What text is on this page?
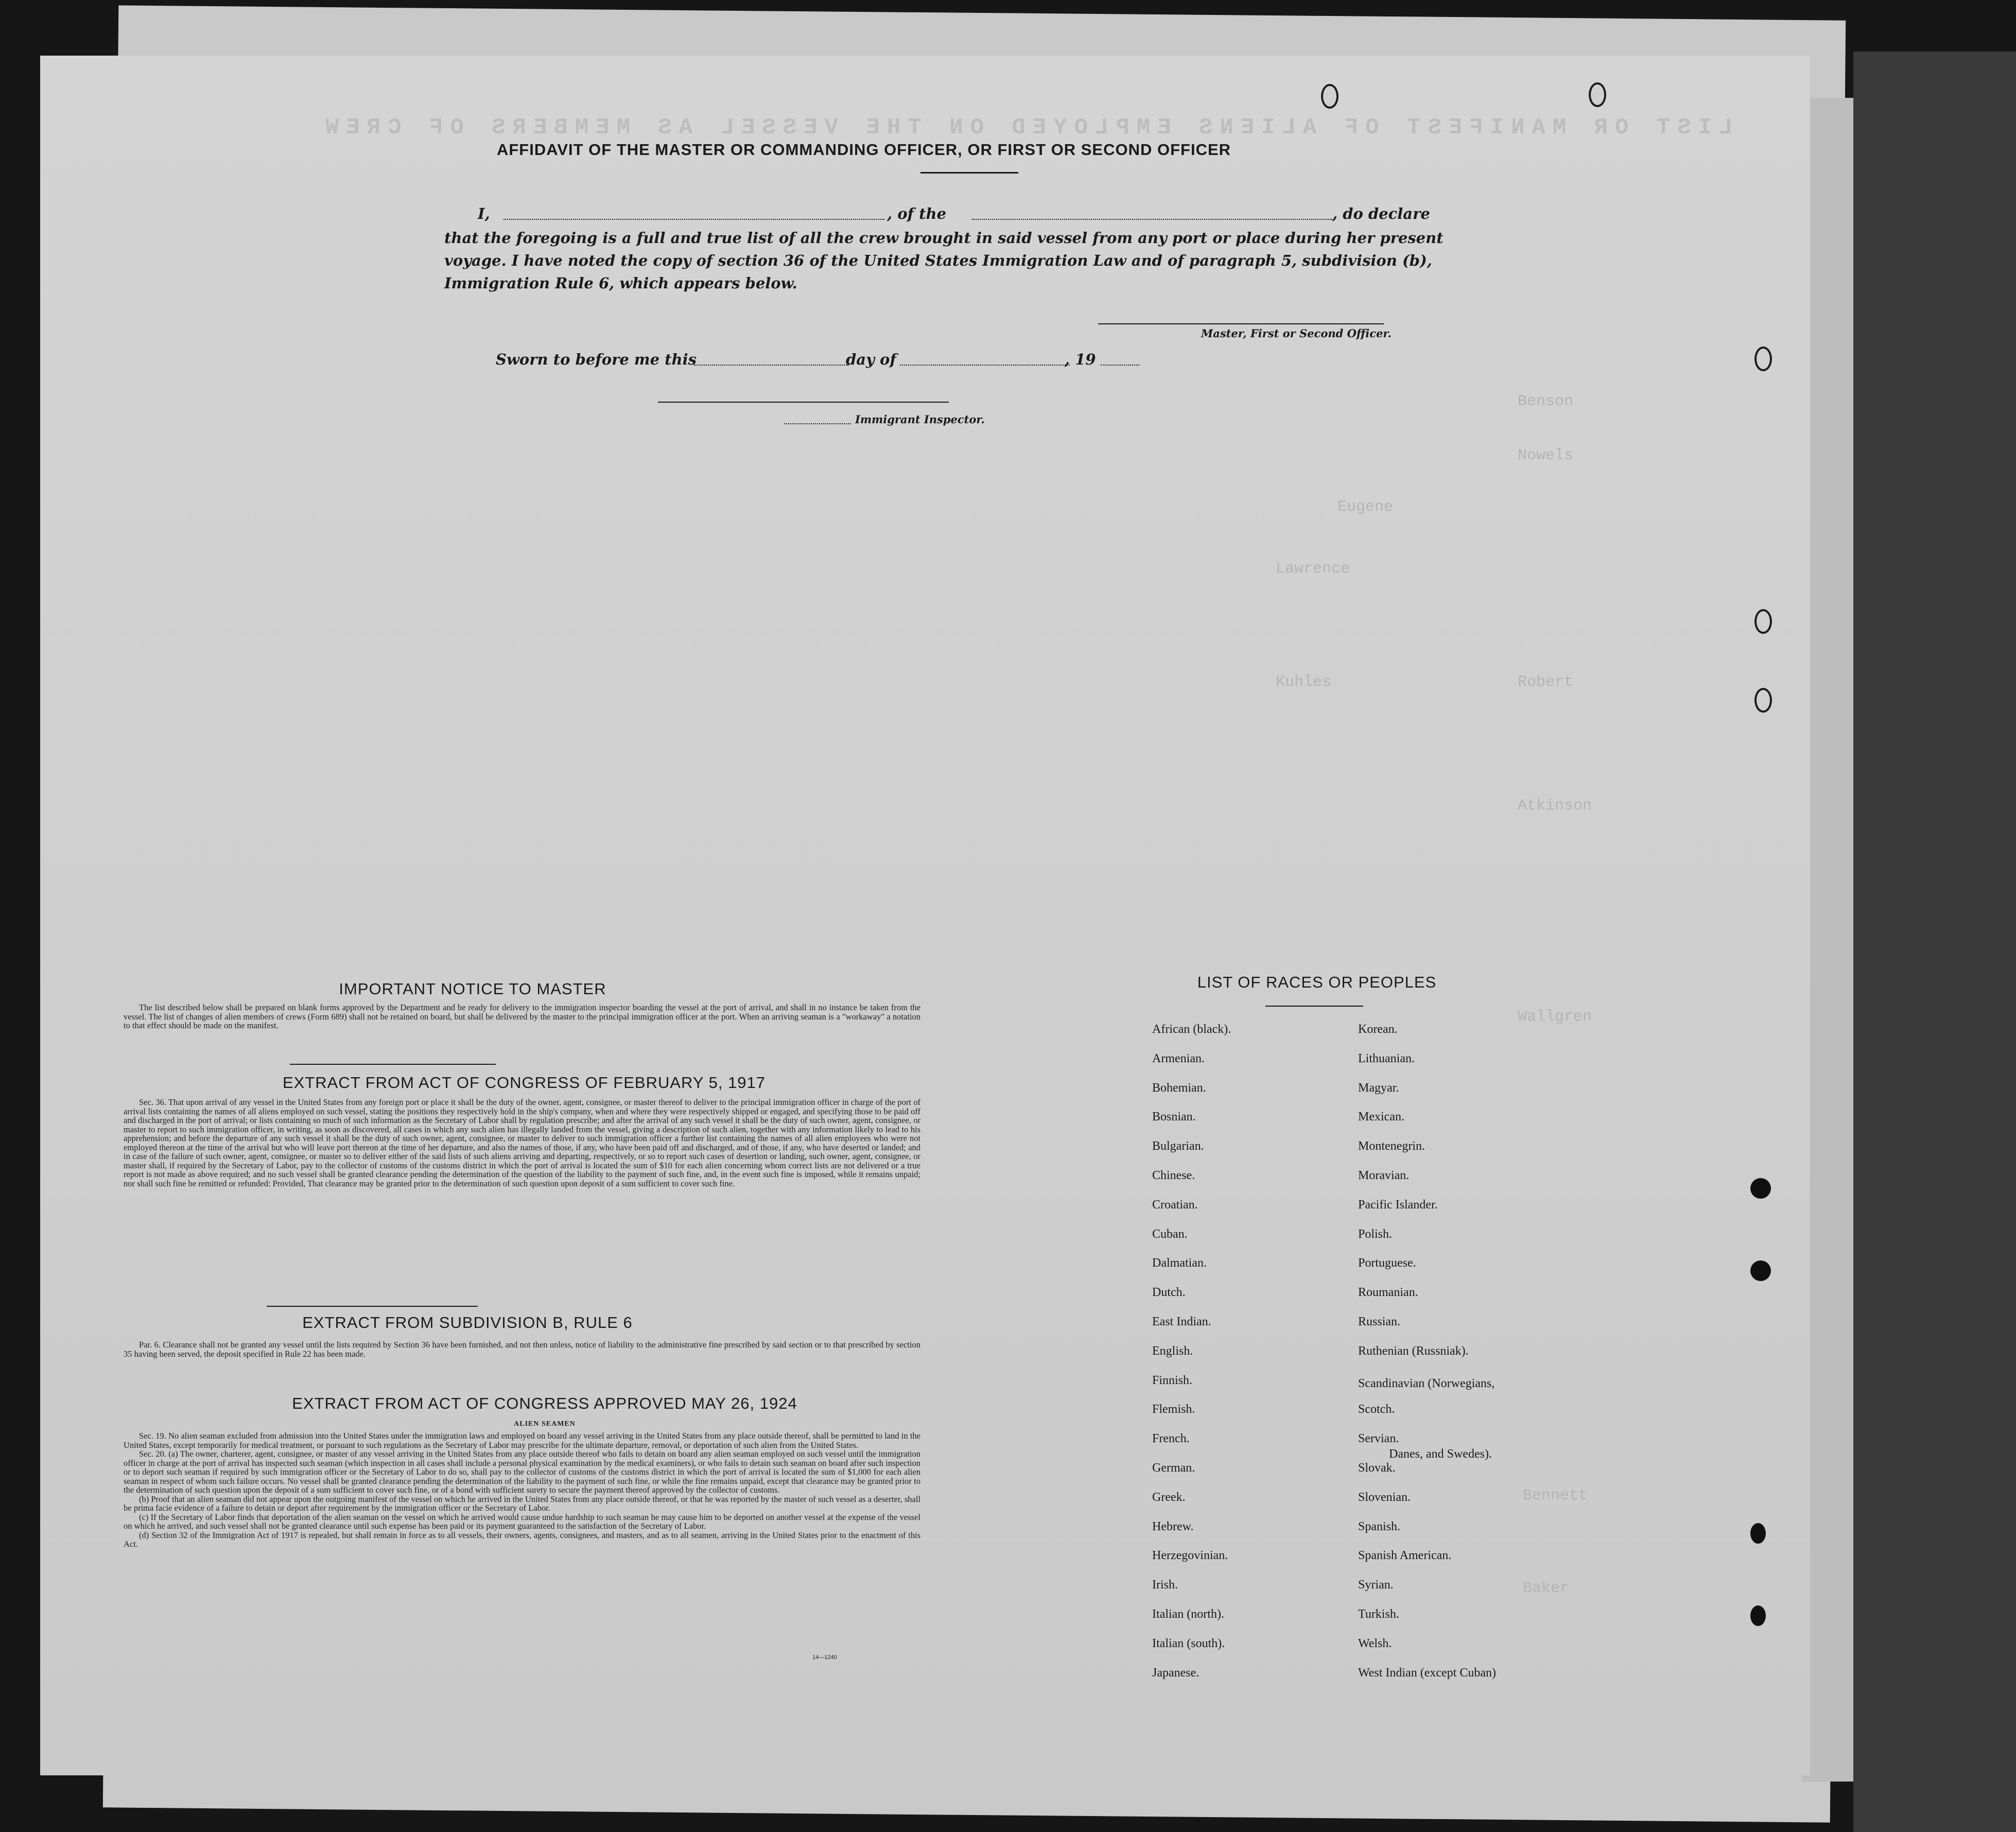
LIST OR MANIFEST OF ALIENS EMPLOYED ON THE VESSEL AS MEMBERS OF CREW
Benson
Nowels
Eugene
Lawrence
Kuhles	Robert
Atkinson
Wallgren
Bennett
Baker
AFFIDAVIT OF THE MASTER OR COMMANDING OFFICER, OR FIRST OR SECOND OFFICER
I,	, of the	, do declare
that the foregoing is a full and true list of all the crew brought in said vessel from any port or place during her present
voyage. I have noted the copy of section 36 of the United States Immigration Law and of paragraph 5, subdivision (b),
Immigration Rule 6, which appears below.
Master, First or Second Officer.
Sworn to before me this	day of	, 19
Immigrant Inspector.
IMPORTANT NOTICE TO MASTER

The list described below shall be prepared on blank forms approved by the Department and be ready for delivery to the immigration inspector boarding the vessel at the port of arrival, and shall in no instance be taken from the vessel. The list of changes of alien members of crews (Form 689) shall not be retained on board, but shall be delivered by the master to the principal immigration officer at the port. When an arriving seaman is a "workaway" a notation to that effect should be made on the manifest.

EXTRACT FROM ACT OF CONGRESS OF FEBRUARY 5, 1917

Sec. 36. That upon arrival of any vessel in the United States from any foreign port or place it shall be the duty of the owner, agent, consignee, or master thereof to deliver to the principal immigration officer in charge of the port of arrival lists containing the names of all aliens employed on such vessel, stating the positions they respectively hold in the ship's company, when and where they were respectively shipped or engaged, and specifying those to be paid off and discharged in the port of arrival; or lists containing so much of such information as the Secretary of Labor shall by regulation prescribe; and after the arrival of any such vessel it shall be the duty of such owner, agent, consignee, or master to report to such immigration officer, in writing, as soon as discovered, all cases in which any such alien has illegally landed from the vessel, giving a description of such alien, together with any information likely to lead to his apprehension; and before the departure of any such vessel it shall be the duty of such owner, agent, consignee, or master to deliver to such immigration officer a further list containing the names of all alien employees who were not employed thereon at the time of the arrival but who will leave port thereon at the time of her departure, and also the names of those, if any, who have been paid off and discharged, and of those, if any, who have deserted or landed; and in case of the failure of such owner, agent, consignee, or master so to deliver either of the said lists of such aliens arriving and departing, respectively, or so to report such cases of desertion or landing, such owner, agent, consignee, or master shall, if required by the Secretary of Labor, pay to the collector of customs of the customs district in which the port of arrival is located the sum of $10 for each alien concerning whom correct lists are not delivered or a true report is not made as above required; and no such vessel shall be granted clearance pending the determination of the question of the liability to the payment of such fine, and, in the event such fine is imposed, while it remains unpaid; nor shall such fine be remitted or refunded: Provided, That clearance may be granted prior to the determination of such question upon deposit of a sum sufficient to cover such fine.

EXTRACT FROM SUBDIVISION B, RULE 6

Par. 6. Clearance shall not be granted any vessel until the lists required by Section 36 have been furnished, and not then unless, notice of liability to the administrative fine prescribed by said section or to that prescribed by section 35 having been served, the deposit specified in Rule 22 has been made.

EXTRACT FROM ACT OF CONGRESS APPROVED MAY 26, 1924
ALIEN SEAMEN

Sec. 19. No alien seaman excluded from admission into the United States under the immigration laws and employed on board any vessel arriving in the United States from any place outside thereof, shall be permitted to land in the United States, except temporarily for medical treatment, or pursuant to such regulations as the Secretary of Labor may prescribe for the ultimate departure, removal, or deportation of such alien from the United States.

Sec. 20. (a) The owner, charterer, agent, consignee, or master of any vessel arriving in the United States from any place outside thereof who fails to detain on board any alien seaman employed on such vessel until the immigration officer in charge at the port of arrival has inspected such seaman (which inspection in all cases shall include a personal physical examination by the medical examiners), or who fails to detain such seaman on board after such inspection or to deport such seaman if required by such immigration officer or the Secretary of Labor to do so, shall pay to the collector of customs of the customs district in which the port of arrival is located the sum of $1,000 for each alien seaman in respect of whom such failure occurs. No vessel shall be granted clearance pending the determination of the liability to the payment of such fine, or while the fine remains unpaid, except that clearance may be granted prior to the determination of such question upon the deposit of a sum sufficient to cover such fine, or of a bond with sufficient surety to secure the payment thereof approved by the collector of customs.

(b) Proof that an alien seaman did not appear upon the outgoing manifest of the vessel on which he arrived in the United States from any place outside thereof, or that he was reported by the master of such vessel as a deserter, shall be prima facie evidence of a failure to detain or deport after requirement by the immigration officer or the Secretary of Labor.

(c) If the Secretary of Labor finds that deportation of the alien seaman on the vessel on which he arrived would cause undue hardship to such seaman he may cause him to be deported on another vessel at the expense of the vessel on which he arrived, and such vessel shall not be granted clearance until such expense has been paid or its payment guaranteed to the satisfaction of the Secretary of Labor.

(d) Section 32 of the Immigration Act of 1917 is repealed, but shall remain in force as to all vessels, their owners, agents, consignees, and masters, and as to all seamen, arriving in the United States prior to the enactment of this Act.

14—1240
LIST OF RACES OR PEOPLES
African (black).
Armenian.
Bohemian.
Bosnian.
Bulgarian.
Chinese.
Croatian.
Cuban.
Dalmatian.
Dutch.
East Indian.
English.
Finnish.
Flemish.
French.
German.
Greek.
Hebrew.
Herzegovinian.
Irish.
Italian (north).
Italian (south).
Japanese.
Korean.
Lithuanian.
Magyar.
Mexican.
Montenegrin.
Moravian.
Pacific Islander.
Polish.
Portuguese.
Roumanian.
Russian.
Ruthenian (Russniak).
Scandinavian (Norwegians,
Scotch.
Servian.
Slovak.
Slovenian.
Spanish.
Spanish American.
Syrian.
Turkish.
Welsh.
West Indian (except Cuban)
Danes, and Swedes).
